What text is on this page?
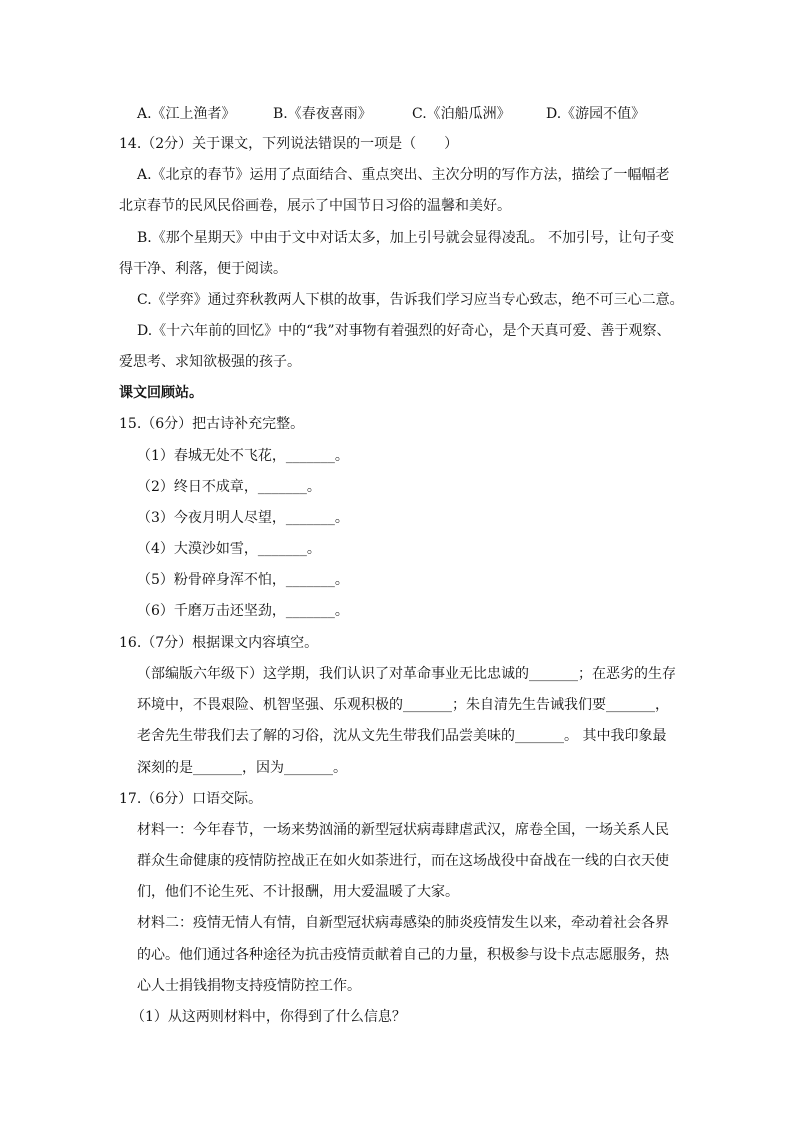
A.《江上渔者》	B.《春夜喜雨》	C.《泊船瓜洲》	D.《游园不值》
14.（2分）关于课文，下列说法错误的一项是（　　）
A.《北京的春节》运用了点面结合、重点突出、主次分明的写作方法，描绘了一幅幅老
北京春节的民风民俗画卷，展示了中国节日习俗的温馨和美好。
B.《那个星期天》中由于文中对话太多，加上引号就会显得凌乱。 不加引号，让句子变
得干净、利落，便于阅读。
C.《学弈》通过弈秋教两人下棋的故事，告诉我们学习应当专心致志，绝不可三心二意。
D.《十六年前的回忆》中的“我”对事物有着强烈的好奇心，是个天真可爱、善于观察、
爱思考、求知欲极强的孩子。
课文回顾站。
15.（6分）把古诗补充完整。
（1）春城无处不飞花，_______。
（2）终日不成章，_______。
（3）今夜月明人尽望，_______。
（4）大漠沙如雪，_______。
（5）粉骨碎身浑不怕，_______。
（6）千磨万击还坚劲，_______。
16.（7分）根据课文内容填空。
（部编版六年级下）这学期，我们认识了对革命事业无比忠诚的_______；在恶劣的生存
环境中，不畏艰险、机智坚强、乐观积极的_______；朱自清先生告诫我们要_______，
老舍先生带我们去了解的习俗，沈从文先生带我们品尝美味的_______。 其中我印象最
深刻的是_______，因为_______。
17.（6分）口语交际。
材料一：今年春节，一场来势汹涌的新型冠状病毒肆虐武汉，席卷全国，一场关系人民
群众生命健康的疫情防控战正在如火如荼进行，而在这场战役中奋战在一线的白衣天使
们，他们不论生死、不计报酬，用大爱温暖了大家。
材料二：疫情无情人有情，自新型冠状病毒感染的肺炎疫情发生以来，牵动着社会各界
的心。他们通过各种途径为抗击疫情贡献着自己的力量，积极参与设卡点志愿服务，热
心人士捐钱捐物支持疫情防控工作。
（1）从这两则材料中，你得到了什么信息？
